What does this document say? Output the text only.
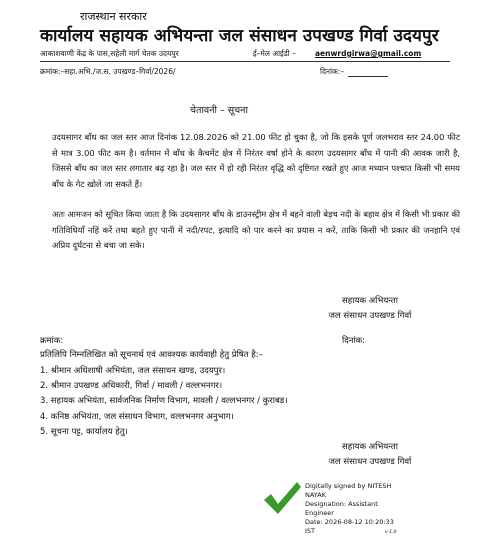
राजस्थान सरकार
कार्यालय सहायक अभियन्ता जल संसाधन उपखण्ड गिर्वा उदयपुर
आकाशवाणी केंद्र के पास,सहेली मार्ग चेतक उदयपुर	ई–मेल आईडी –	aenwrdgirwa@gmail.com
क्रमांक:–सहा.अभि./ज.स. उपखण्ड–गिर्वा/2026/	दिनांक:–
चेतावनी – सूचना
उदयसागर बाँध का जल स्तर आज दिनांक 12.08.2026 को 21.00 फीट हो चुका है, जो कि इसके पूर्ण जलभराव स्तर 24.00 फीट से मात्र 3.00 फीट कम है। वर्तमान में बाँध के कैचमेंट क्षेत्र में निरंतर वर्षा होने के कारण उदयसागर बाँध में पानी की आवक जारी है, जिससे बाँध का जल स्तर लगातार बढ़ रहा है। जल स्तर में हो रही निरंतर वृद्धि को दृष्टिगत रखते हुए आज मध्यान पश्चात किसी भी समय बाँध के गेट खोले जा सकते हैं।
अतः आमजन को सूचित किया जाता है कि उदयसागर बाँध के डाउनस्ट्रीम क्षेत्र में बहने वाली बेड़च नदी के बहाव क्षेत्र में किसी भी प्रकार की गतिविधियाँ नहिं करें तथा बहते हुए पानी में नदी/रपट, इत्यादि को पार करने का प्रयास न करें, ताकि किसी भी प्रकार की जनहानि एवं अप्रिय दुर्घटना से बचा जा सके।
सहायक अभियन्ता
जल संसाधन उपखण्ड गिर्वा
क्रमांक:	दिनांक:
प्रतिलिपि निम्नलिखित को सूचनार्थ एवं आवश्यक कार्यवाही हेतु प्रेषित है:–
1. श्रीमान अधिशाषी अभियंता, जल संसाधन खण्ड, उदयपुर।
2. श्रीमान उपखण्ड अधिकारी, गिर्वा / मावली / वल्लभनगर।
3. सहायक अभियंता, सार्वजनिक निर्माण विभाग, मावली / वल्लभनगर / कुराबड।
4. कनिष्ठ अभियंता, जल संसाधन विभाग, वल्लभनगर अनुभाग।
5. सूचना पट्ट, कार्यालय हेतु।
सहायक अभियन्ता
जल संसाधन उपखण्ड गिर्वा
Digitally signed by NITESH
NAYAK
Designation: Assistant
Engineer
Date: 2026-08-12 10:20:33
IST	v-1.0
